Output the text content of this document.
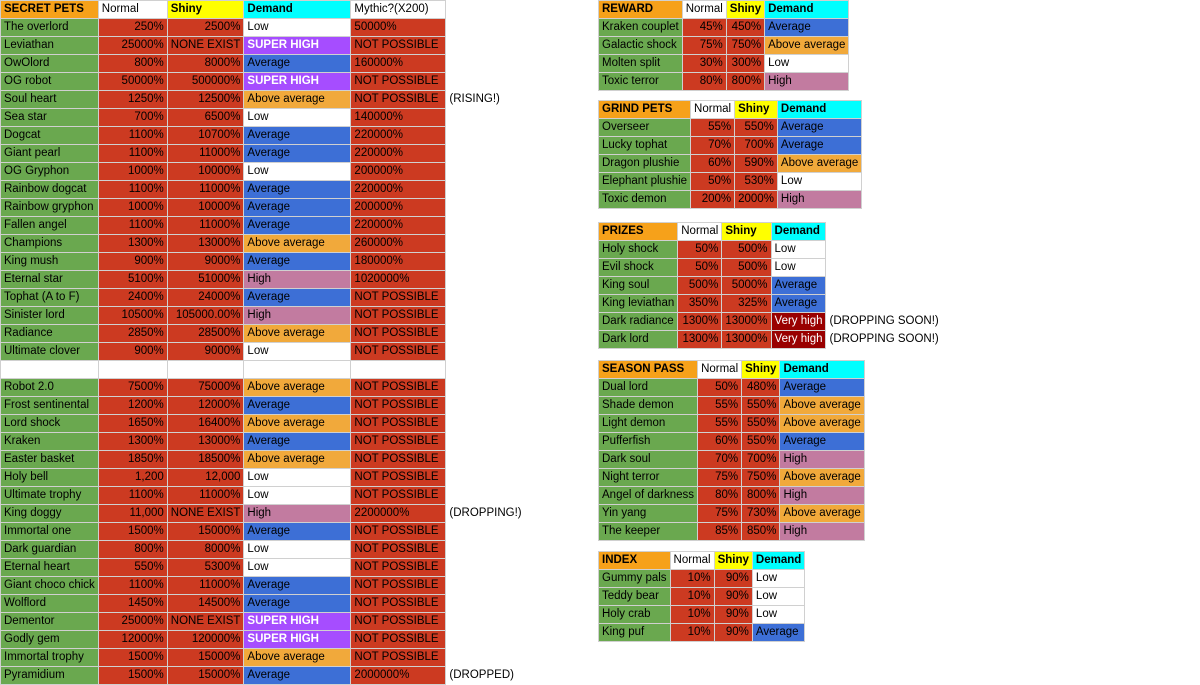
SECRET PETS	Normal	Shiny	Demand	Mythic?(X200)	
The overlord	250%	2500%	Low	50000%	
Leviathan	25000%	NONE EXIST	SUPER HIGH	NOT POSSIBLE	
OwOlord	800%	8000%	Average	160000%	
OG robot	50000%	500000%	SUPER HIGH	NOT POSSIBLE	
Soul heart	1250%	12500%	Above average	NOT POSSIBLE	(RISING!)
Sea star	700%	6500%	Low	140000%	
Dogcat	1100%	10700%	Average	220000%	
Giant pearl	1100%	11000%	Average	220000%	
OG Gryphon	1000%	10000%	Low	200000%	
Rainbow dogcat	1100%	11000%	Average	220000%	
Rainbow gryphon	1000%	10000%	Average	200000%	
Fallen angel	1100%	11000%	Average	220000%	
Champions	1300%	13000%	Above average	260000%	
King mush	900%	9000%	Average	180000%	
Eternal star	5100%	51000%	High	1020000%	
Tophat (A to F)	2400%	24000%	Average	NOT POSSIBLE	
Sinister lord	10500%	105000.00%	High	NOT POSSIBLE	
Radiance	2850%	28500%	Above average	NOT POSSIBLE	
Ultimate clover	900%	9000%	Low	NOT POSSIBLE	

Robot 2.0	7500%	75000%	Above average	NOT POSSIBLE	
Frost sentinental	1200%	12000%	Average	NOT POSSIBLE	
Lord shock	1650%	16400%	Above average	NOT POSSIBLE	
Kraken	1300%	13000%	Average	NOT POSSIBLE	
Easter basket	1850%	18500%	Above average	NOT POSSIBLE	
Holy bell	1,200	12,000	Low	NOT POSSIBLE	
Ultimate trophy	1100%	11000%	Low	NOT POSSIBLE	
King doggy	11,000	NONE EXIST	High	2200000%	(DROPPING!)
Immortal one	1500%	15000%	Average	NOT POSSIBLE	
Dark guardian	800%	8000%	Low	NOT POSSIBLE	
Eternal heart	550%	5300%	Low	NOT POSSIBLE	
Giant choco chick	1100%	11000%	Average	NOT POSSIBLE	
Wolflord	1450%	14500%	Average	NOT POSSIBLE	
Dementor	25000%	NONE EXIST	SUPER HIGH	NOT POSSIBLE	
Godly gem	12000%	120000%	SUPER HIGH	NOT POSSIBLE	
Immortal trophy	1500%	15000%	Above average	NOT POSSIBLE	
Pyramidium	1500%	15000%	Average	2000000%	(DROPPED)
REWARD	Normal	Shiny	Demand
Kraken couplet	45%	450%	Average
Galactic shock	75%	750%	Above average
Molten split	30%	300%	Low
Toxic terror	80%	800%	High
GRIND PETS	Normal	Shiny	Demand
Overseer	55%	550%	Average
Lucky tophat	70%	700%	Average
Dragon plushie	60%	590%	Above average
Elephant plushie	50%	530%	Low
Toxic demon	200%	2000%	High
PRIZES	Normal	Shiny	Demand	
Holy shock	50%	500%	Low	
Evil shock	50%	500%	Low	
King soul	500%	5000%	Average	
King leviathan	350%	325%	Average	
Dark radiance	1300%	13000%	Very high	(DROPPING SOON!)
Dark lord	1300%	13000%	Very high	(DROPPING SOON!)
SEASON PASS	Normal	Shiny	Demand
Dual lord	50%	480%	Average
Shade demon	55%	550%	Above average
Light demon	55%	550%	Above average
Pufferfish	60%	550%	Average
Dark soul	70%	700%	High
Night terror	75%	750%	Above average
Angel of darkness	80%	800%	High
Yin yang	75%	730%	Above average
The keeper	85%	850%	High
INDEX	Normal	Shiny	Demand
Gummy pals	10%	90%	Low
Teddy bear	10%	90%	Low
Holy crab	10%	90%	Low
King puf	10%	90%	Average
